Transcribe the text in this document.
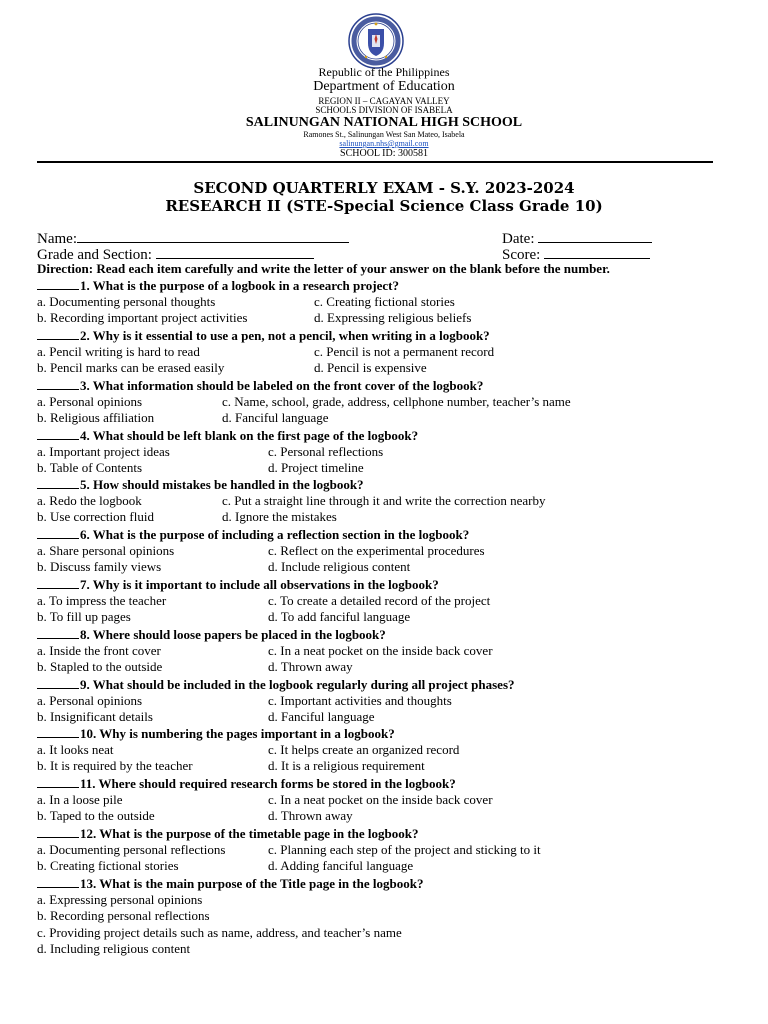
Republic of the Philippines
Department of Education
REGION II – CAGAYAN VALLEY
SCHOOLS DIVISION OF ISABELA
SALINUNGAN NATIONAL HIGH SCHOOL
Ramones St., Salinungan West San Mateo, Isabela
salinungan.nhs@gmail.com
SCHOOL ID: 300581
SECOND QUARTERLY EXAM - S.Y. 2023-2024
RESEARCH II (STE-Special Science Class Grade 10)
Name:	Date:
Grade and Section:	Score:
Direction: Read each item carefully and write the letter of your answer on the blank before the number.
1. What is the purpose of a logbook in a research project?
a. Documenting personal thoughts	c. Creating fictional stories
b. Recording important project activities	d. Expressing religious beliefs
2. Why is it essential to use a pen, not a pencil, when writing in a logbook?
a. Pencil writing is hard to read	c. Pencil is not a permanent record
b. Pencil marks can be erased easily	d. Pencil is expensive
3. What information should be labeled on the front cover of the logbook?
a. Personal opinions	c. Name, school, grade, address, cellphone number, teacher’s name
b. Religious affiliation	d. Fanciful language
4. What should be left blank on the first page of the logbook?
a. Important project ideas	c. Personal reflections
b. Table of Contents	d. Project timeline
5. How should mistakes be handled in the logbook?
a. Redo the logbook	c. Put a straight line through it and write the correction nearby
b. Use correction fluid	d. Ignore the mistakes
6. What is the purpose of including a reflection section in the logbook?
a. Share personal opinions	c. Reflect on the experimental procedures
b. Discuss family views	d. Include religious content
7. Why is it important to include all observations in the logbook?
a. To impress the teacher	c. To create a detailed record of the project
b. To fill up pages	d. To add fanciful language
8. Where should loose papers be placed in the logbook?
a. Inside the front cover	c. In a neat pocket on the inside back cover
b. Stapled to the outside	d. Thrown away
9. What should be included in the logbook regularly during all project phases?
a. Personal opinions	c. Important activities and thoughts
b. Insignificant details	d. Fanciful language
10. Why is numbering the pages important in a logbook?
a. It looks neat	c. It helps create an organized record
b. It is required by the teacher	d. It is a religious requirement
11. Where should required research forms be stored in the logbook?
a. In a loose pile	c. In a neat pocket on the inside back cover
b. Taped to the outside	d. Thrown away
12. What is the purpose of the timetable page in the logbook?
a. Documenting personal reflections	c. Planning each step of the project and sticking to it
b. Creating fictional stories	d. Adding fanciful language
13. What is the main purpose of the Title page in the logbook?
a. Expressing personal opinions
b. Recording personal reflections
c. Providing project details such as name, address, and teacher’s name
d. Including religious content
